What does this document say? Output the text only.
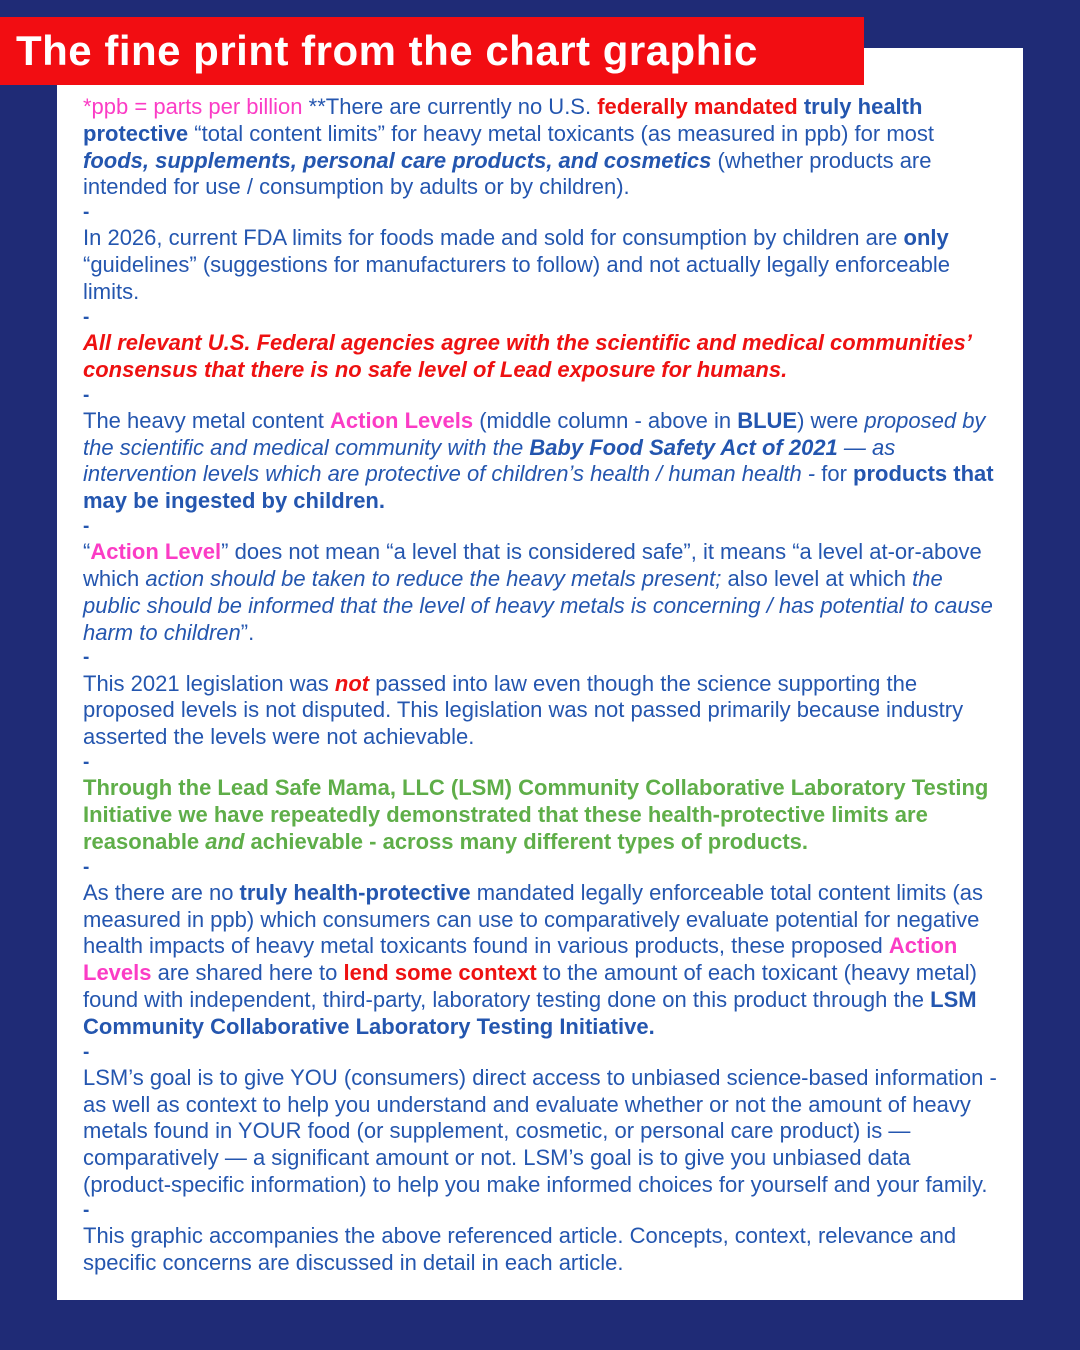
The fine print from the chart graphic

*ppb = parts per billion **There are currently no U.S. federally mandated truly health protective “total content limits” for heavy metal toxicants (as measured in ppb) for most foods, supplements, personal care products, and cosmetics (whether products are intended for use / consumption by adults or by children).

-

In 2026, current FDA limits for foods made and sold for consumption by children are only “guidelines” (suggestions for manufacturers to follow) and not actually legally enforceable limits.

-

All relevant U.S. Federal agencies agree with the scientific and medical communities’ consensus that there is no safe level of Lead exposure for humans.

-

The heavy metal content Action Levels (middle column - above in BLUE) were proposed by the scientific and medical community with the Baby Food Safety Act of 2021 — as intervention levels which are protective of children’s health / human health - for products that may be ingested by children.

-

“Action Level” does not mean “a level that is considered safe”, it means “a level at-or-above which action should be taken to reduce the heavy metals present; also level at which the public should be informed that the level of heavy metals is concerning / has potential to cause harm to children”.

-

This 2021 legislation was not passed into law even though the science supporting the proposed levels is not disputed. This legislation was not passed primarily because industry asserted the levels were not achievable.

-

Through the Lead Safe Mama, LLC (LSM) Community Collaborative Laboratory Testing Initiative we have repeatedly demonstrated that these health-protective limits are reasonable and achievable - across many different types of products.

-

As there are no truly health-protective mandated legally enforceable total content limits (as measured in ppb) which consumers can use to comparatively evaluate potential for negative health impacts of heavy metal toxicants found in various products, these proposed Action Levels are shared here to lend some context to the amount of each toxicant (heavy metal) found with independent, third-party, laboratory testing done on this product through the LSM Community Collaborative Laboratory Testing Initiative.

-

LSM’s goal is to give YOU (consumers) direct access to unbiased science-based information - as well as context to help you understand and evaluate whether or not the amount of heavy metals found in YOUR food (or supplement, cosmetic, or personal care product) is — comparatively — a significant amount or not. LSM’s goal is to give you unbiased data (product-specific information) to help you make informed choices for yourself and your family.

-

This graphic accompanies the above referenced article. Concepts, context, relevance and specific concerns are discussed in detail in each article.
